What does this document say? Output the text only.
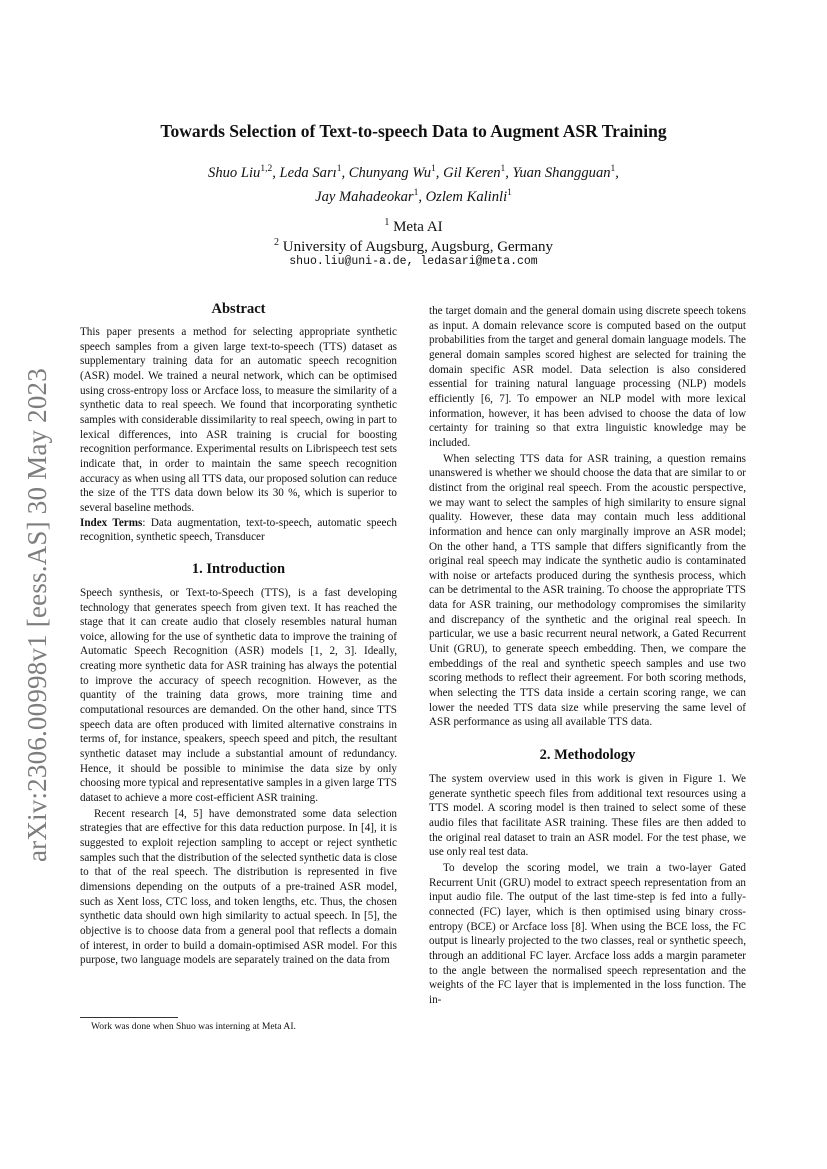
arXiv:2306.00998v1 [eess.AS] 30 May 2023
Towards Selection of Text-to-speech Data to Augment ASR Training
Shuo Liu$^{1,2}$, Leda Sarı$^1$, Chunyang Wu$^1$, Gil Keren$^1$, Yuan Shangguan$^1$,
Jay Mahadeokar$^1$, Ozlem Kalinli$^1$
$^1$ Meta AI
$^2$ University of Augsburg, Augsburg, Germany
shuo.liu@uni-a.de, ledasari@meta.com

Abstract

This paper presents a method for selecting appropriate synthetic speech samples from a given large text-to-speech (TTS) dataset as supplementary training data for an automatic speech recognition (ASR) model. We trained a neural network, which can be optimised using cross-entropy loss or Arcface loss, to measure the similarity of a synthetic data to real speech. We found that incorporating synthetic samples with considerable dissimilarity to real speech, owing in part to lexical differences, into ASR training is crucial for boosting recognition performance. Experimental results on Librispeech test sets indicate that, in order to maintain the same speech recognition accuracy as when using all TTS data, our proposed solution can reduce the size of the TTS data down below its 30 %, which is superior to several baseline methods.

Index Terms: Data augmentation, text-to-speech, automatic speech recognition, synthetic speech, Transducer

1. Introduction

Speech synthesis, or Text-to-Speech (TTS), is a fast developing technology that generates speech from given text. It has reached the stage that it can create audio that closely resembles natural human voice, allowing for the use of synthetic data to improve the training of Automatic Speech Recognition (ASR) models [1, 2, 3]. Ideally, creating more synthetic data for ASR training has always the potential to improve the accuracy of speech recognition. However, as the quantity of the training data grows, more training time and computational resources are demanded. On the other hand, since TTS speech data are often produced with limited alternative constrains in terms of, for instance, speakers, speech speed and pitch, the resultant synthetic dataset may include a substantial amount of redundancy. Hence, it should be possible to minimise the data size by only choosing more typical and representative samples in a given large TTS dataset to achieve a more cost-efficient ASR training.

Recent research [4, 5] have demonstrated some data selection strategies that are effective for this data reduction purpose. In [4], it is suggested to exploit rejection sampling to accept or reject synthetic samples such that the distribution of the selected synthetic data is close to that of the real speech. The distribution is represented in five dimensions depending on the outputs of a pre-trained ASR model, such as Xent loss, CTC loss, and token lengths, etc. Thus, the chosen synthetic data should own high similarity to actual speech. In [5], the objective is to choose data from a general pool that reflects a domain of interest, in order to build a domain-optimised ASR model. For this purpose, two language models are separately trained on the data from

the target domain and the general domain using discrete speech tokens as input. A domain relevance score is computed based on the output probabilities from the target and general domain language models. The general domain samples scored highest are selected for training the domain specific ASR model. Data selection is also considered essential for training natural language processing (NLP) models efficiently [6, 7]. To empower an NLP model with more lexical information, however, it has been advised to choose the data of low certainty for training so that extra linguistic knowledge may be included.

When selecting TTS data for ASR training, a question remains unanswered is whether we should choose the data that are similar to or distinct from the original real speech. From the acoustic perspective, we may want to select the samples of high similarity to ensure signal quality. However, these data may contain much less additional information and hence can only marginally improve an ASR model; On the other hand, a TTS sample that differs significantly from the original real speech may indicate the synthetic audio is contaminated with noise or artefacts produced during the synthesis process, which can be detrimental to the ASR training. To choose the appropriate TTS data for ASR training, our methodology compromises the similarity and discrepancy of the synthetic and the original real speech. In particular, we use a basic recurrent neural network, a Gated Recurrent Unit (GRU), to generate speech embedding. Then, we compare the embeddings of the real and synthetic speech samples and use two scoring methods to reflect their agreement. For both scoring methods, when selecting the TTS data inside a certain scoring range, we can lower the needed TTS data size while preserving the same level of ASR performance as using all available TTS data.

2. Methodology

The system overview used in this work is given in Figure 1. We generate synthetic speech files from additional text resources using a TTS model. A scoring model is then trained to select some of these audio files that facilitate ASR training. These files are then added to the original real dataset to train an ASR model. For the test phase, we use only real test data.

To develop the scoring model, we train a two-layer Gated Recurrent Unit (GRU) model to extract speech representation from an input audio file. The output of the last time-step is fed into a fully-connected (FC) layer, which is then optimised using binary cross-entropy (BCE) or Arcface loss [8]. When using the BCE loss, the FC output is linearly projected to the two classes, real or synthetic speech, through an additional FC layer. Arcface loss adds a margin parameter to the angle between the normalised speech representation and the weights of the FC layer that is implemented in the loss function. The in-

Work was done when Shuo was interning at Meta AI.
